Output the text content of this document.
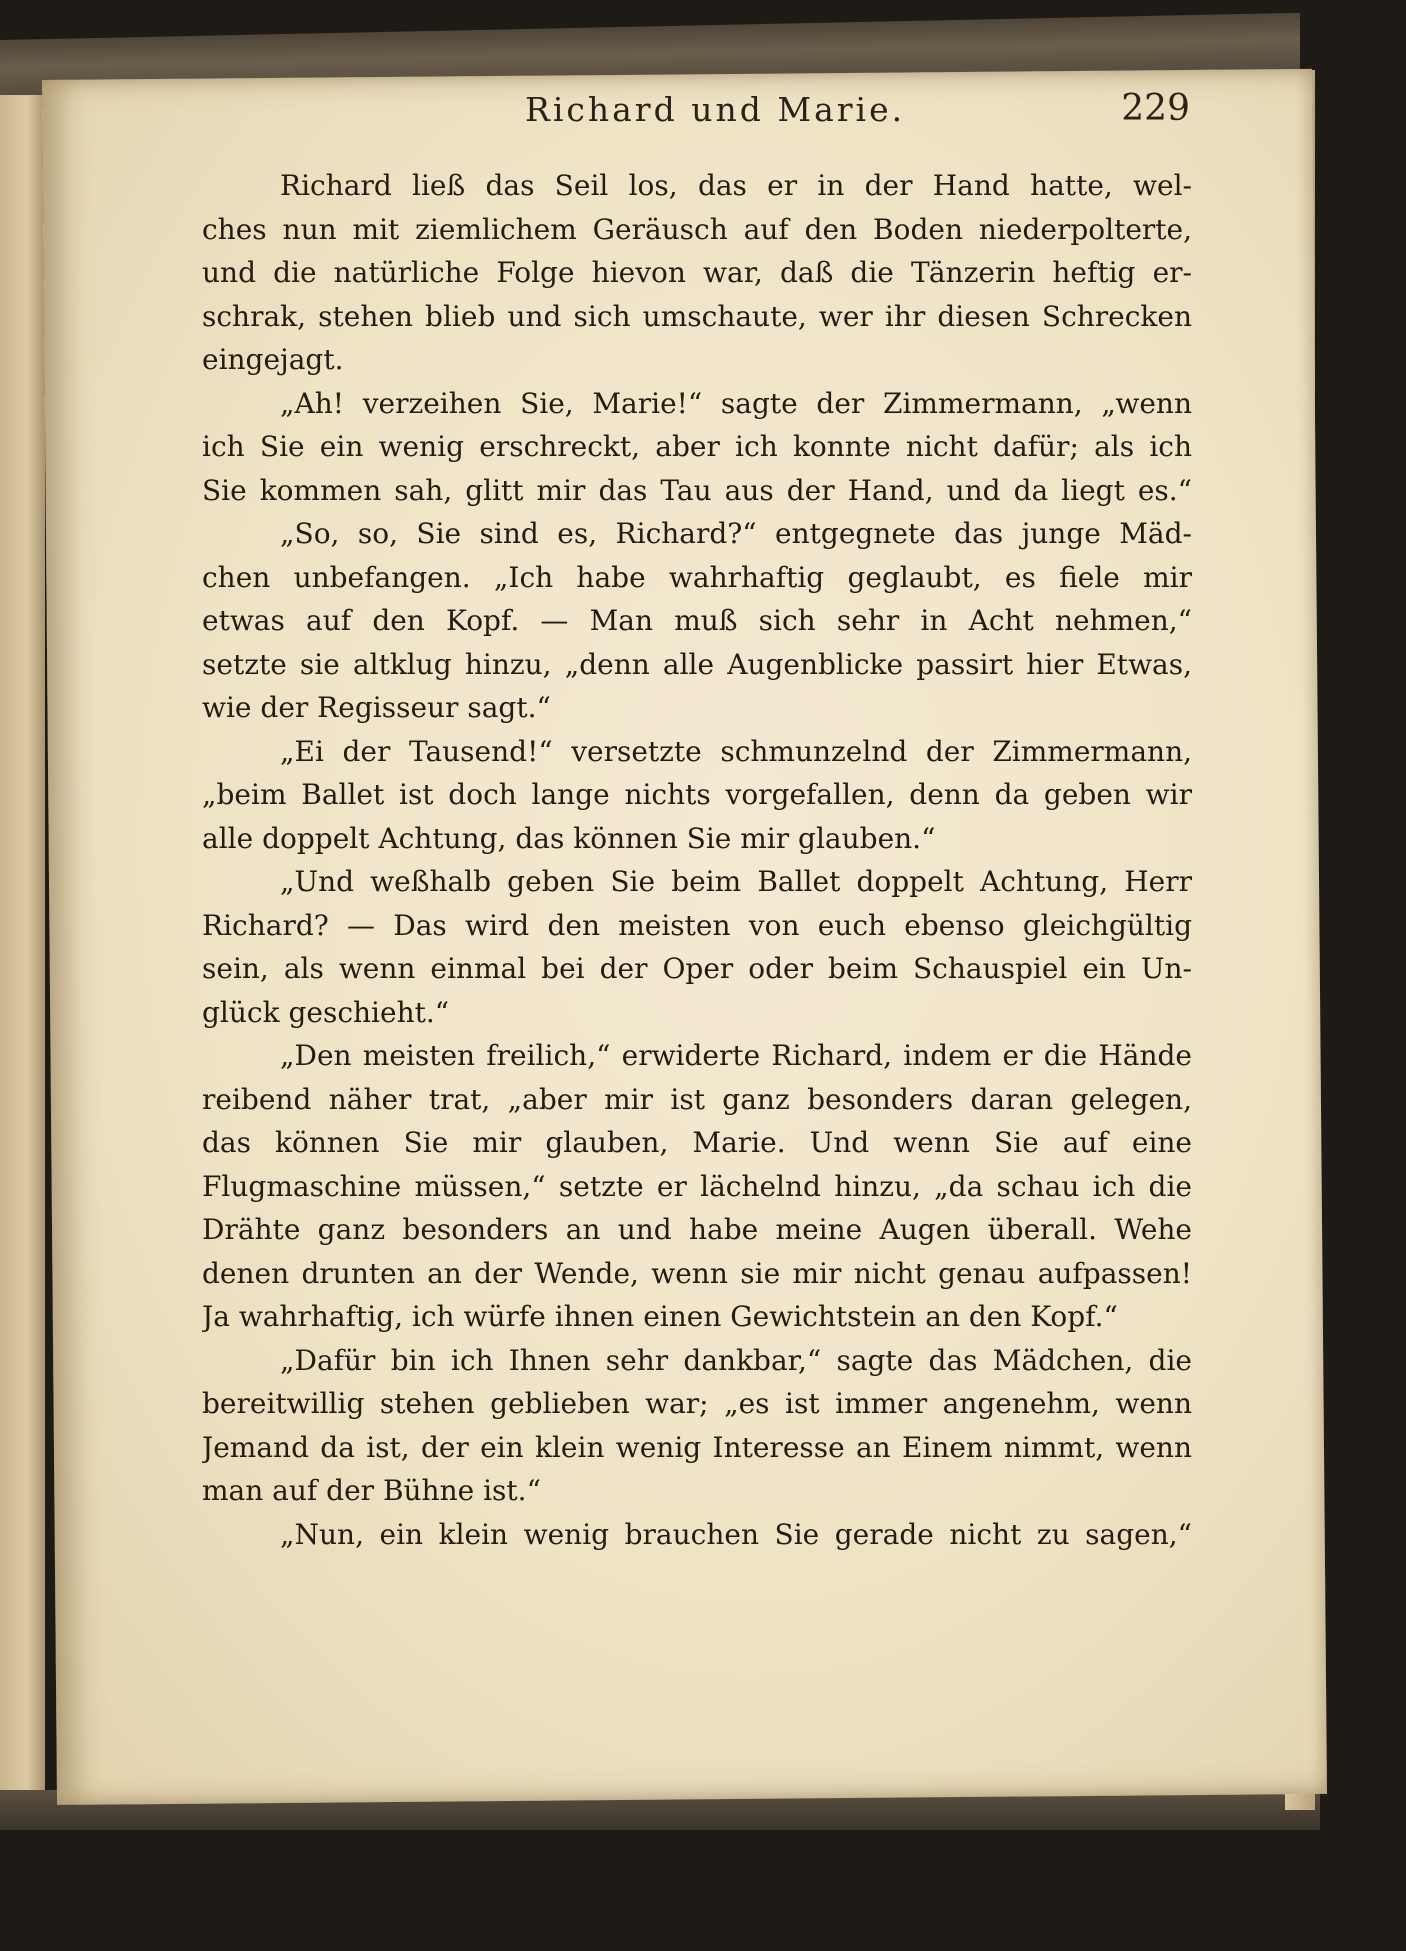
Richard und Marie.	229
Richard ließ das Seil los, das er in der Hand hatte, wel-
ches nun mit ziemlichem Geräusch auf den Boden niederpolterte,
und die natürliche Folge hievon war, daß die Tänzerin heftig er-
schrak, stehen blieb und sich umschaute, wer ihr diesen Schrecken
eingejagt.
„Ah! verzeihen Sie, Marie!“ sagte der Zimmermann, „wenn
ich Sie ein wenig erschreckt, aber ich konnte nicht dafür; als ich
Sie kommen sah, glitt mir das Tau aus der Hand, und da liegt es.“
„So, so, Sie sind es, Richard?“ entgegnete das junge Mäd-
chen unbefangen. „Ich habe wahrhaftig geglaubt, es fiele mir
etwas auf den Kopf. — Man muß sich sehr in Acht nehmen,“
setzte sie altklug hinzu, „denn alle Augenblicke passirt hier Etwas,
wie der Regisseur sagt.“
„Ei der Tausend!“ versetzte schmunzelnd der Zimmermann,
„beim Ballet ist doch lange nichts vorgefallen, denn da geben wir
alle doppelt Achtung, das können Sie mir glauben.“
„Und weßhalb geben Sie beim Ballet doppelt Achtung, Herr
Richard? — Das wird den meisten von euch ebenso gleichgültig
sein, als wenn einmal bei der Oper oder beim Schauspiel ein Un-
glück geschieht.“
„Den meisten freilich,“ erwiderte Richard, indem er die Hände
reibend näher trat, „aber mir ist ganz besonders daran gelegen,
das können Sie mir glauben, Marie. Und wenn Sie auf eine
Flugmaschine müssen,“ setzte er lächelnd hinzu, „da schau ich die
Drähte ganz besonders an und habe meine Augen überall. Wehe
denen drunten an der Wende, wenn sie mir nicht genau aufpassen!
Ja wahrhaftig, ich würfe ihnen einen Gewichtstein an den Kopf.“
„Dafür bin ich Ihnen sehr dankbar,“ sagte das Mädchen, die
bereitwillig stehen geblieben war; „es ist immer angenehm, wenn
Jemand da ist, der ein klein wenig Interesse an Einem nimmt, wenn
man auf der Bühne ist.“
„Nun, ein klein wenig brauchen Sie gerade nicht zu sagen,“
